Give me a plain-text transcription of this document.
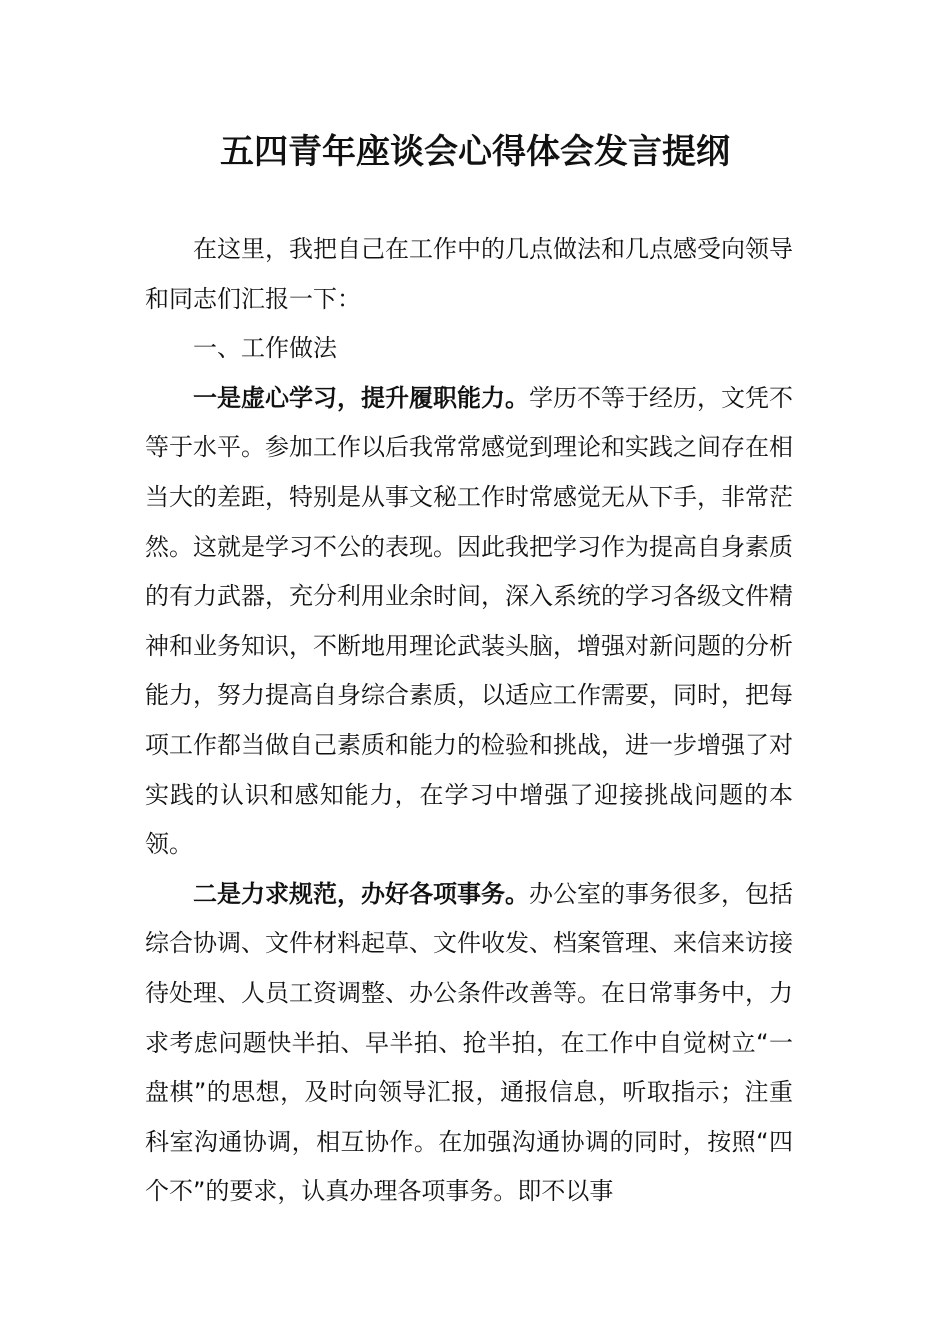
五四青年座谈会心得体会发言提纲

在这里，我把自己在工作中的几点做法和几点感受向领导和同志们汇报一下：

一、工作做法

一是虚心学习，提升履职能力。学历不等于经历，文凭不等于水平。参加工作以后我常常感觉到理论和实践之间存在相当大的差距，特别是从事文秘工作时常感觉无从下手，非常茫然。这就是学习不公的表现。因此我把学习作为提高自身素质的有力武器，充分利用业余时间，深入系统的学习各级文件精神和业务知识，不断地用理论武装头脑，增强对新问题的分析能力，努力提高自身综合素质，以适应工作需要，同时，把每项工作都当做自己素质和能力的检验和挑战，进一步增强了对实践的认识和感知能力，在学习中增强了迎接挑战问题的本领。

二是力求规范，办好各项事务。办公室的事务很多，包括综合协调、文件材料起草、文件收发、档案管理、来信来访接待处理、人员工资调整、办公条件改善等。在日常事务中，力求考虑问题快半拍、早半拍、抢半拍，在工作中自觉树立“一盘棋”的思想，及时向领导汇报，通报信息，听取指示；注重科室沟通协调，相互协作。在加强沟通协调的同时，按照“四个不”的要求，认真办理各项事务。即不以事
